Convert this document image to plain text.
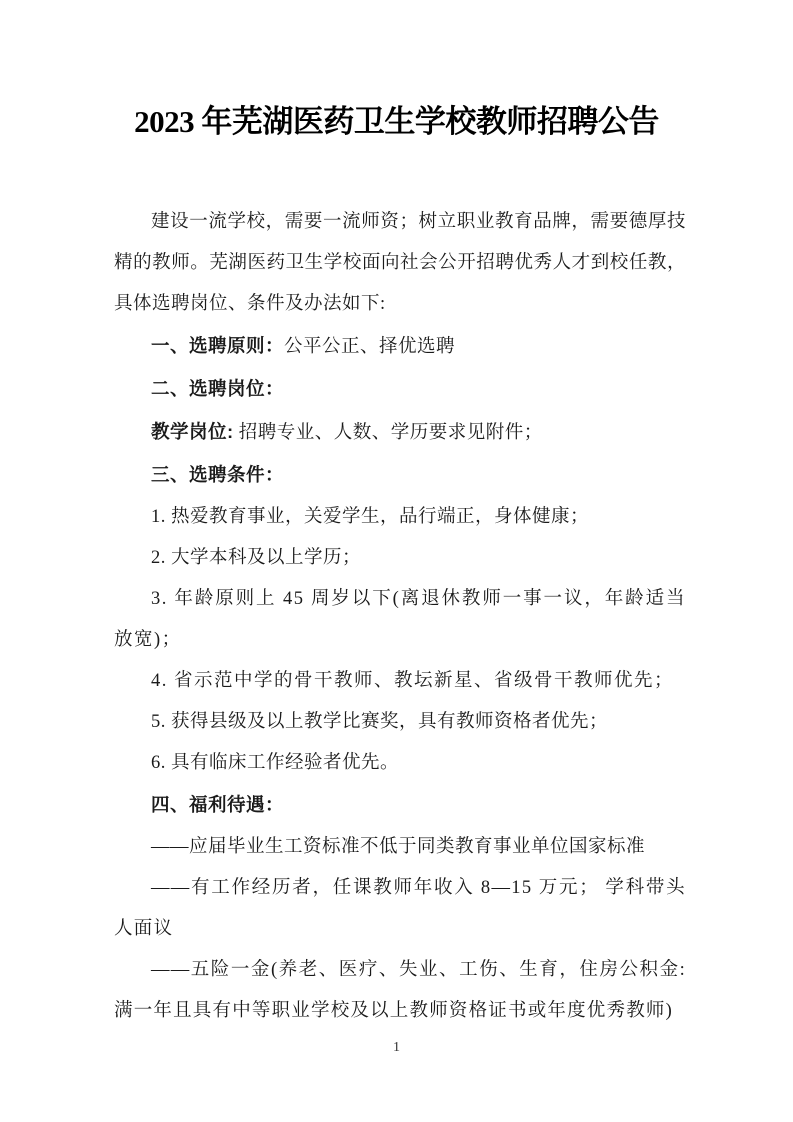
2023 年芜湖医药卫生学校教师招聘公告

建设一流学校，需要一流师资；树立职业教育品牌，需要德厚技精的教师。芜湖医药卫生学校面向社会公开招聘优秀人才到校任教，具体选聘岗位、条件及办法如下:

一、选聘原则：公平公正、择优选聘

二、选聘岗位：

教学岗位: 招聘专业、人数、学历要求见附件；

三、选聘条件：

1. 热爱教育事业，关爱学生，品行端正，身体健康；

2. 大学本科及以上学历；

3. 年龄原则上 45 周岁以下(离退休教师一事一议，年龄适当放宽)；

4. 省示范中学的骨干教师、教坛新星、省级骨干教师优先；

5. 获得县级及以上教学比赛奖，具有教师资格者优先；

6. 具有临床工作经验者优先。

四、福利待遇：

——应届毕业生工资标准不低于同类教育事业单位国家标准

——有工作经历者，任课教师年收入 8—15 万元； 学科带头人面议

——五险一金(养老、医疗、失业、工伤、生育，住房公积金:满一年且具有中等职业学校及以上教师资格证书或年度优秀教师)

1
